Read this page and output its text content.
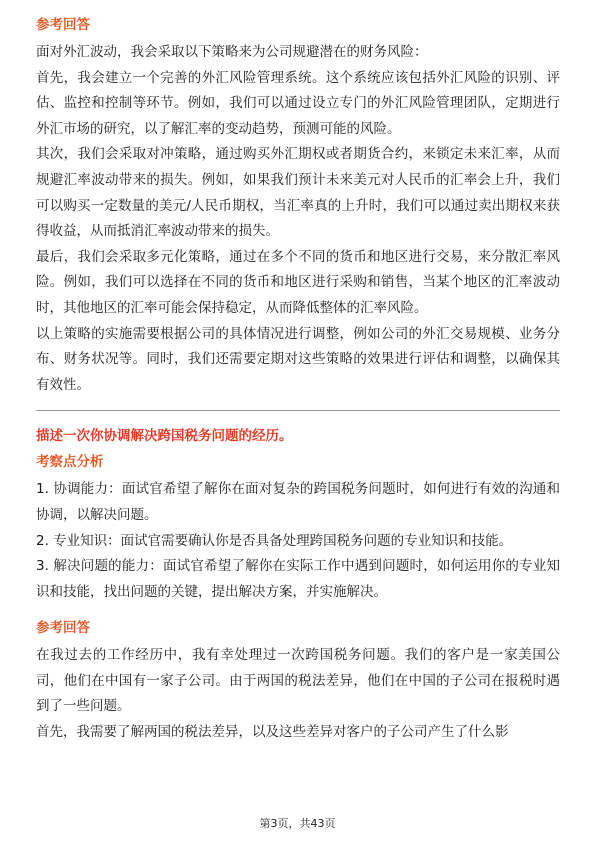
参考回答
面对外汇波动，我会采取以下策略来为公司规避潜在的财务风险：
首先，我会建立一个完善的外汇风险管理系统。这个系统应该包括外汇风险的识别、评估、监控和控制等环节。例如，我们可以通过设立专门的外汇风险管理团队，定期进行外汇市场的研究，以了解汇率的变动趋势，预测可能的风险。
其次，我们会采取对冲策略，通过购买外汇期权或者期货合约，来锁定未来汇率，从而规避汇率波动带来的损失。例如，如果我们预计未来美元对人民币的汇率会上升，我们可以购买一定数量的美元/人民币期权，当汇率真的上升时，我们可以通过卖出期权来获得收益，从而抵消汇率波动带来的损失。
最后，我们会采取多元化策略，通过在多个不同的货币和地区进行交易，来分散汇率风险。例如，我们可以选择在不同的货币和地区进行采购和销售，当某个地区的汇率波动时，其他地区的汇率可能会保持稳定，从而降低整体的汇率风险。
以上策略的实施需要根据公司的具体情况进行调整，例如公司的外汇交易规模、业务分布、财务状况等。同时，我们还需要定期对这些策略的效果进行评估和调整，以确保其有效性。
描述一次你协调解决跨国税务问题的经历。
考察点分析
1. 协调能力：面试官希望了解你在面对复杂的跨国税务问题时，如何进行有效的沟通和协调，以解决问题。
2. 专业知识：面试官需要确认你是否具备处理跨国税务问题的专业知识和技能。
3. 解决问题的能力：面试官希望了解你在实际工作中遇到问题时，如何运用你的专业知识和技能，找出问题的关键，提出解决方案，并实施解决。
参考回答
在我过去的工作经历中，我有幸处理过一次跨国税务问题。我们的客户是一家美国公司，他们在中国有一家子公司。由于两国的税法差异，他们在中国的子公司在报税时遇到了一些问题。
首先，我需要了解两国的税法差异，以及这些差异对客户的子公司产生了什么影
第3页，共43页
